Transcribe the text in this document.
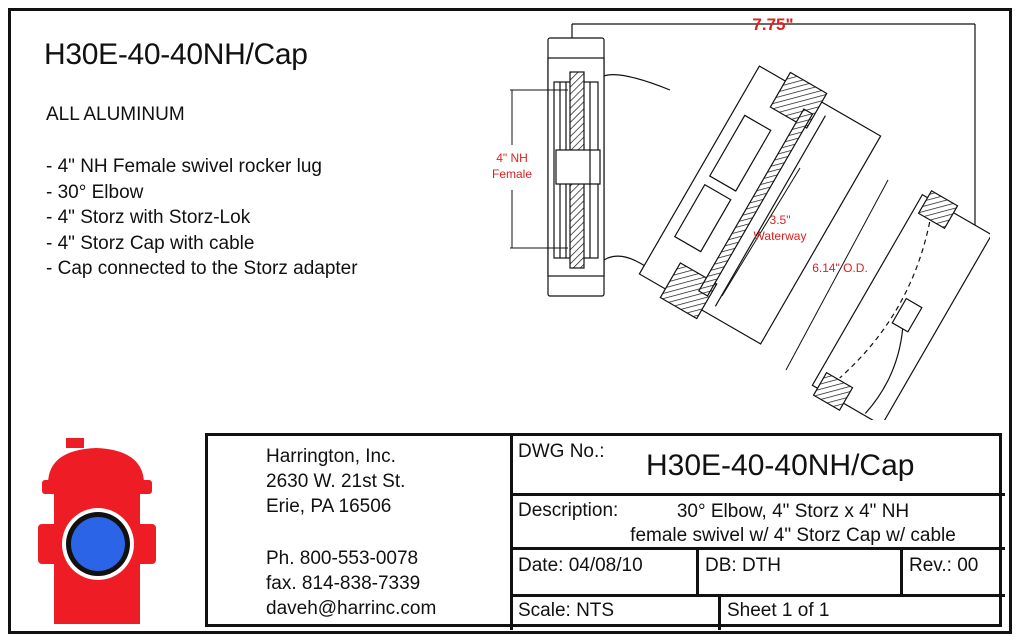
H30E-40-40NH/Cap
ALL ALUMINUM
- 4" NH Female swivel rocker lug
- 30° Elbow
- 4" Storz with Storz-Lok
- 4" Storz Cap with cable
- Cap connected to the Storz adapter
7.75"
4" NH
Female
3.5"
Waterway
6.14" O.D.
Harrington, Inc.
2630 W. 21st St.
Erie, PA 16506
Ph. 800-553-0078
fax. 814-838-7339
daveh@harrinc.com
DWG No.: H30E-40-40NH/Cap
Description:	30° Elbow, 4" Storz x 4" NH
female swivel w/ 4" Storz Cap w/ cable
Date: 04/08/10	DB: DTH	Rev.: 00
Scale: NTS	Sheet 1 of 1
